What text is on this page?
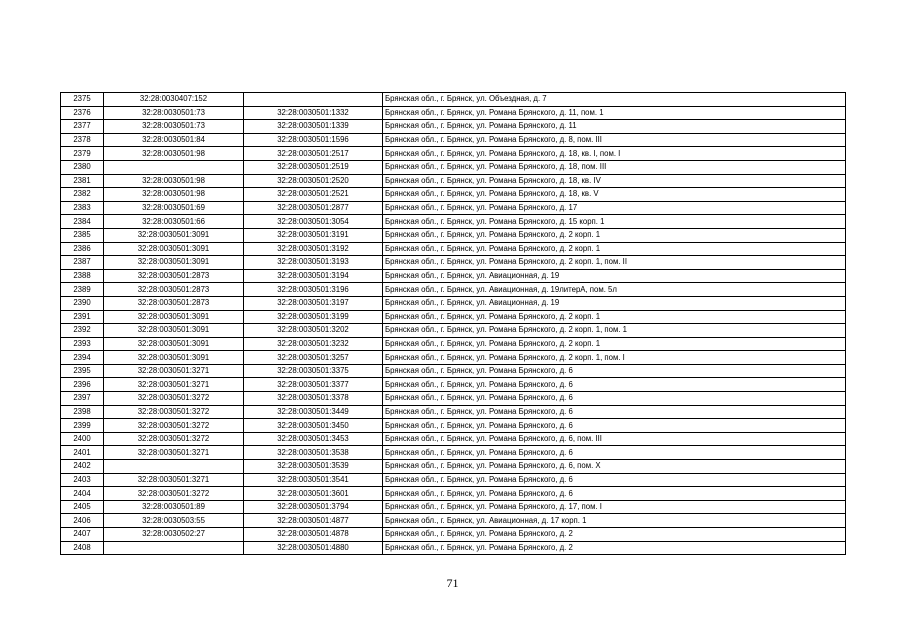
2375	32:28:0030407:152		Брянская обл., г. Брянск, ул. Объездная, д. 7
2376	32:28:0030501:73	32:28:0030501:1332	Брянская обл., г. Брянск, ул. Романа Брянского, д. 11, пом. 1
2377	32:28:0030501:73	32:28:0030501:1339	Брянская обл., г. Брянск, ул. Романа Брянского, д. 11
2378	32:28:0030501:84	32:28:0030501:1596	Брянская обл., г. Брянск, ул. Романа Брянского, д. 8, пом. III
2379	32:28:0030501:98	32:28:0030501:2517	Брянская обл., г. Брянск, ул. Романа Брянского, д. 18, кв. I, пом. I
2380		32:28:0030501:2519	Брянская обл., г. Брянск, ул. Романа Брянского, д. 18, пом. III
2381	32:28:0030501:98	32:28:0030501:2520	Брянская обл., г. Брянск, ул. Романа Брянского, д. 18, кв. IV
2382	32:28:0030501:98	32:28:0030501:2521	Брянская обл., г. Брянск, ул. Романа Брянского, д. 18, кв. V
2383	32:28:0030501:69	32:28:0030501:2877	Брянская обл., г. Брянск, ул. Романа Брянского, д. 17
2384	32:28:0030501:66	32:28:0030501:3054	Брянская обл., г. Брянск, ул. Романа Брянского, д. 15 корп. 1
2385	32:28:0030501:3091	32:28:0030501:3191	Брянская обл., г. Брянск, ул. Романа Брянского, д. 2 корп. 1
2386	32:28:0030501:3091	32:28:0030501:3192	Брянская обл., г. Брянск, ул. Романа Брянского, д. 2 корп. 1
2387	32:28:0030501:3091	32:28:0030501:3193	Брянская обл., г. Брянск, ул. Романа Брянского, д. 2 корп. 1, пом. II
2388	32:28:0030501:2873	32:28:0030501:3194	Брянская обл., г. Брянск, ул. Авиационная, д. 19
2389	32:28:0030501:2873	32:28:0030501:3196	Брянская обл., г. Брянск, ул. Авиационная, д. 19литерA, пом. 5л
2390	32:28:0030501:2873	32:28:0030501:3197	Брянская обл., г. Брянск, ул. Авиационная, д. 19
2391	32:28:0030501:3091	32:28:0030501:3199	Брянская обл., г. Брянск, ул. Романа Брянского, д. 2 корп. 1
2392	32:28:0030501:3091	32:28:0030501:3202	Брянская обл., г. Брянск, ул. Романа Брянского, д. 2 корп. 1, пом. 1
2393	32:28:0030501:3091	32:28:0030501:3232	Брянская обл., г. Брянск, ул. Романа Брянского, д. 2 корп. 1
2394	32:28:0030501:3091	32:28:0030501:3257	Брянская обл., г. Брянск, ул. Романа Брянского, д. 2 корп. 1, пом. I
2395	32:28:0030501:3271	32:28:0030501:3375	Брянская обл., г. Брянск, ул. Романа Брянского, д. 6
2396	32:28:0030501:3271	32:28:0030501:3377	Брянская обл., г. Брянск, ул. Романа Брянского, д. 6
2397	32:28:0030501:3272	32:28:0030501:3378	Брянская обл., г. Брянск, ул. Романа Брянского, д. 6
2398	32:28:0030501:3272	32:28:0030501:3449	Брянская обл., г. Брянск, ул. Романа Брянского, д. 6
2399	32:28:0030501:3272	32:28:0030501:3450	Брянская обл., г. Брянск, ул. Романа Брянского, д. 6
2400	32:28:0030501:3272	32:28:0030501:3453	Брянская обл., г. Брянск, ул. Романа Брянского, д. 6, пом. III
2401	32:28:0030501:3271	32:28:0030501:3538	Брянская обл., г. Брянск, ул. Романа Брянского, д. 6
2402		32:28:0030501:3539	Брянская обл., г. Брянск, ул. Романа Брянского, д. 6, пом. X
2403	32:28:0030501:3271	32:28:0030501:3541	Брянская обл., г. Брянск, ул. Романа Брянского, д. 6
2404	32:28:0030501:3272	32:28:0030501:3601	Брянская обл., г. Брянск, ул. Романа Брянского, д. 6
2405	32:28:0030501:89	32:28:0030501:3794	Брянская обл., г. Брянск, ул. Романа Брянского, д. 17, пом. I
2406	32:28:0030503:55	32:28:0030501:4877	Брянская обл., г. Брянск, ул. Авиационная, д. 17 корп. 1
2407	32:28:0030502:27	32:28:0030501:4878	Брянская обл., г. Брянск, ул. Романа Брянского, д. 2
2408		32:28:0030501:4880	Брянская обл., г. Брянск, ул. Романа Брянского, д. 2
71
